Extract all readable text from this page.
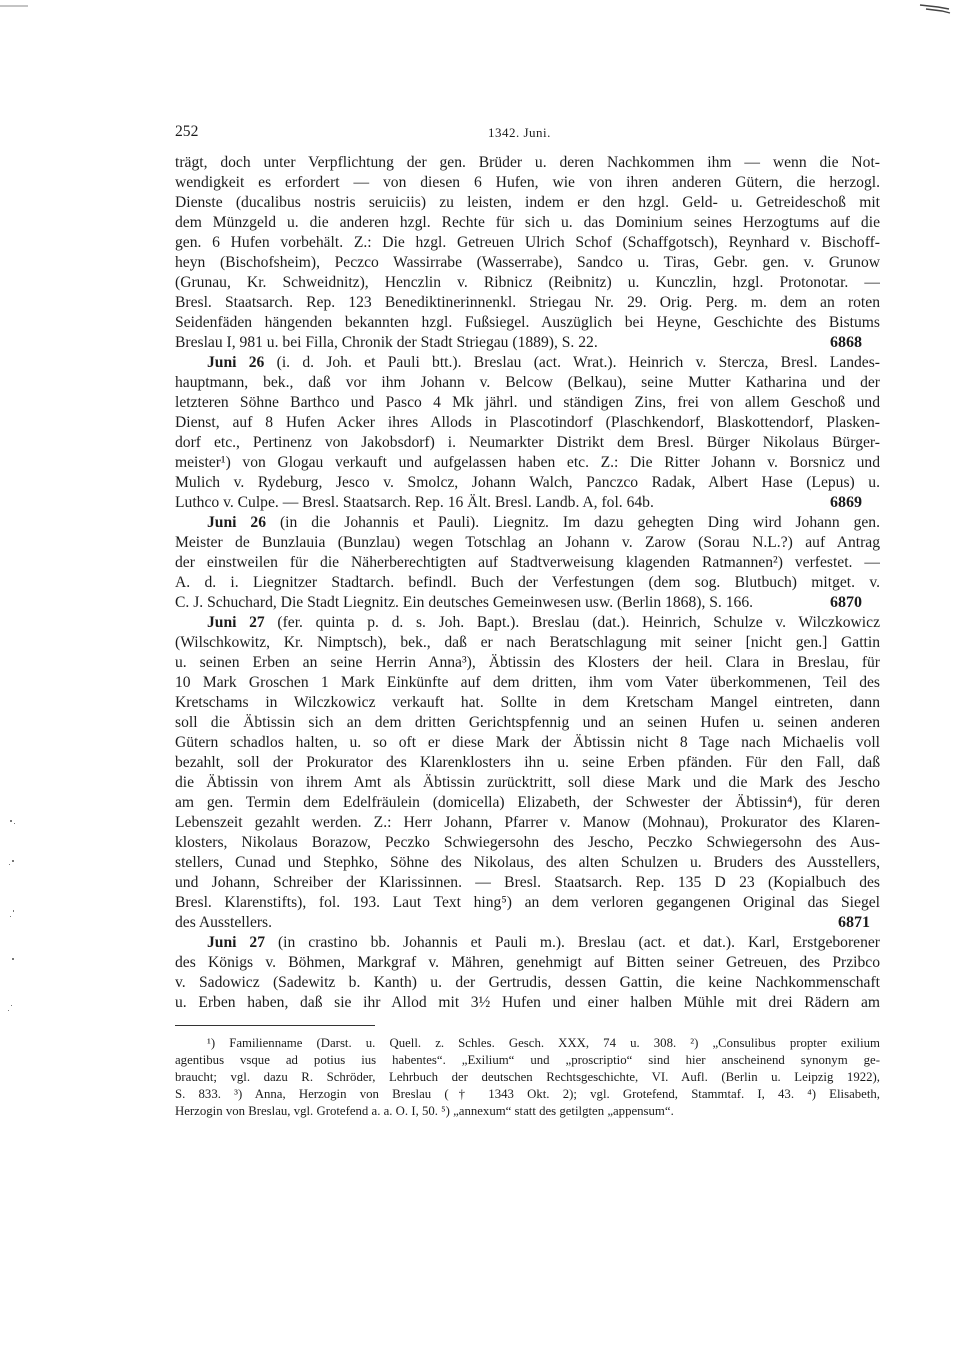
252	1342. Juni.
trägt, doch unter Verpflichtung der gen. Brüder u. deren Nachkommen ihm — wenn die Not-
wendigkeit es erfordert — von diesen 6 Hufen, wie von ihren anderen Gütern, die herzogl.
Dienste (ducalibus nostris seruiciis) zu leisten, indem er den hzgl. Geld- u. Getreideschoß mit
dem Münzgeld u. die anderen hzgl. Rechte für sich u. das Dominium seines Herzogtums auf die
gen. 6 Hufen vorbehält. Z.: Die hzgl. Getreuen Ulrich Schof (Schaffgotsch), Reynhard v. Bischoff-
heyn (Bischofsheim), Peczco Wassirrabe (Wasserrabe), Sandco u. Tiras, Gebr. gen. v. Grunow
(Grunau, Kr. Schweidnitz), Henczlin v. Ribnicz (Reibnitz) u. Kunczlin, hzgl. Protonotar. —
Bresl. Staatsarch. Rep. 123 Benediktinerinnenkl. Striegau Nr. 29. Orig. Perg. m. dem an roten
Seidenfäden hängenden bekannten hzgl. Fußsiegel. Auszüglich bei Heyne, Geschichte des Bistums
Breslau I, 981 u. bei Filla, Chronik der Stadt Striegau (1889), S. 22.	6868
Juni 26 (i. d. Joh. et Pauli btt.). Breslau (act. Wrat.). Heinrich v. Stercza, Bresl. Landes-
hauptmann, bek., daß vor ihm Johann v. Belcow (Belkau), seine Mutter Katharina und der
letzteren Söhne Barthco und Pasco 4 Mk jährl. und ständigen Zins, frei von allem Geschoß und
Dienst, auf 8 Hufen Acker ihres Allods in Plascotindorf (Plaschkendorf, Blaskottendorf, Plasken-
dorf etc., Pertinenz von Jakobsdorf) i. Neumarkter Distrikt dem Bresl. Bürger Nikolaus Bürger-
meister¹) von Glogau verkauft und aufgelassen haben etc. Z.: Die Ritter Johann v. Borsnicz und
Mulich v. Rydeburg, Jesco v. Smolcz, Johann Walch, Panczco Radak, Albert Hase (Lepus) u.
Luthco v. Culpe. — Bresl. Staatsarch. Rep. 16 Ält. Bresl. Landb. A, fol. 64b.	6869
Juni 26 (in die Johannis et Pauli). Liegnitz. Im dazu gehegten Ding wird Johann gen.
Meister de Bunzlauia (Bunzlau) wegen Totschlag an Johann v. Zarow (Sorau N.L.?) auf Antrag
der einstweilen für die Näherberechtigten auf Stadtverweisung klagenden Ratmannen²) verfestet. —
A. d. i. Liegnitzer Stadtarch. befindl. Buch der Verfestungen (dem sog. Blutbuch) mitget. v.
C. J. Schuchard, Die Stadt Liegnitz. Ein deutsches Gemeinwesen usw. (Berlin 1868), S. 166.	6870
Juni 27 (fer. quinta p. d. s. Joh. Bapt.). Breslau (dat.). Heinrich, Schulze v. Wilczkowicz
(Wilschkowitz, Kr. Nimptsch), bek., daß er nach Beratschlagung mit seiner [nicht gen.] Gattin
u. seinen Erben an seine Herrin Anna³), Äbtissin des Klosters der heil. Clara in Breslau, für
10 Mark Groschen 1 Mark Einkünfte auf dem dritten, ihm vom Vater überkommenen, Teil des
Kretschams in Wilczkowicz verkauft hat. Sollte in dem Kretscham Mangel eintreten, dann
soll die Äbtissin sich an dem dritten Gerichtspfennig und an seinen Hufen u. seinen anderen
Gütern schadlos halten, u. so oft er diese Mark der Äbtissin nicht 8 Tage nach Michaelis voll
bezahlt, soll der Prokurator des Klarenklosters ihn u. seine Erben pfänden. Für den Fall, daß
die Äbtissin von ihrem Amt als Äbtissin zurücktritt, soll diese Mark und die Mark des Jescho
am gen. Termin dem Edelfräulein (domicella) Elizabeth, der Schwester der Äbtissin⁴), für deren
Lebenszeit gezahlt werden. Z.: Herr Johann, Pfarrer v. Manow (Mohnau), Prokurator des Klaren-
klosters, Nikolaus Borazow, Peczko Schwiegersohn des Jescho, Peczko Schwiegersohn des Aus-
stellers, Cunad und Stephko, Söhne des Nikolaus, des alten Schulzen u. Bruders des Ausstellers,
und Johann, Schreiber der Klarissinnen. — Bresl. Staatsarch. Rep. 135 D 23 (Kopialbuch des
Bresl. Klarenstifts), fol. 193. Laut Text hing⁵) an dem verloren gegangenen Original das Siegel
des Ausstellers.	6871
Juni 27 (in crastino bb. Johannis et Pauli m.). Breslau (act. et dat.). Karl, Erstgeborener
des Königs v. Böhmen, Markgraf v. Mähren, genehmigt auf Bitten seiner Getreuen, des Przibco
v. Sadowicz (Sadewitz b. Kanth) u. der Gertrudis, dessen Gattin, die keine Nachkommenschaft
u. Erben haben, daß sie ihr Allod mit 3½ Hufen und einer halben Mühle mit drei Rädern am
¹) Familienname (Darst. u. Quell. z. Schles. Gesch. XXX, 74 u. 308. ²) „Consulibus propter exilium
agentibus vsque ad potius ius habentes“. „Exilium“ und „proscriptio“ sind hier anscheinend synonym ge-
braucht; vgl. dazu R. Schröder, Lehrbuch der deutschen Rechtsgeschichte, VI. Aufl. (Berlin u. Leipzig 1922),
S. 833. ³) Anna, Herzogin von Breslau († 1343 Okt. 2); vgl. Grotefend, Stammtaf. I, 43. ⁴) Elisabeth,
Herzogin von Breslau, vgl. Grotefend a. a. O. I, 50. ⁵) „annexum“ statt des getilgten „appensum“.
